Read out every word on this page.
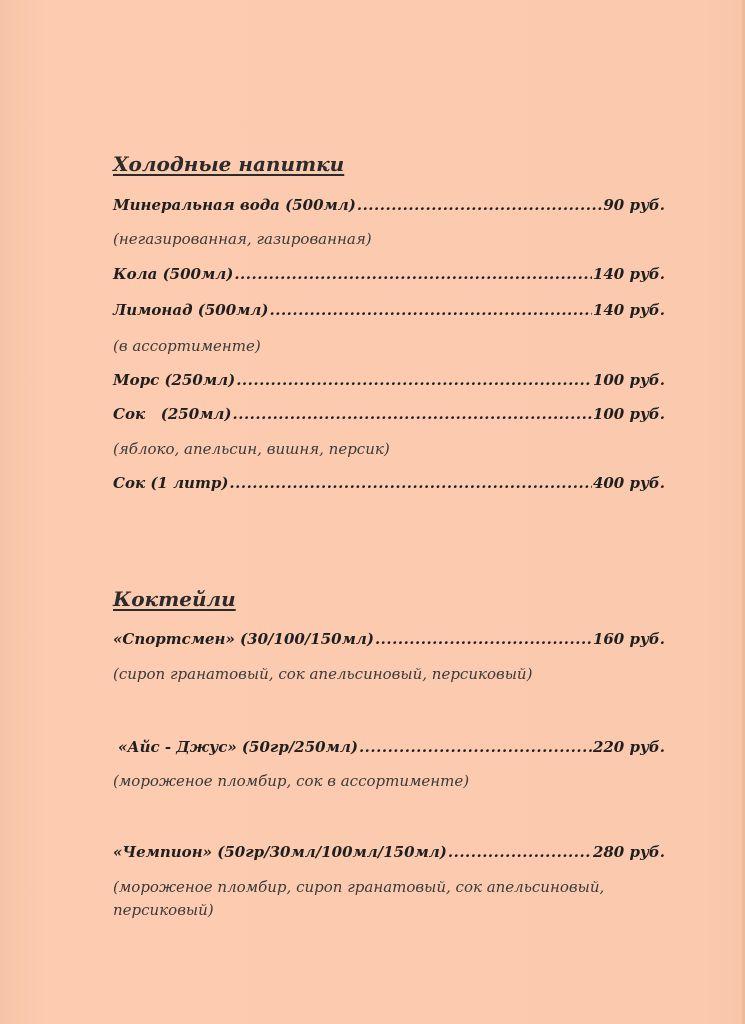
Холодные напитки
Минеральная вода (500мл) .....	90 руб.
(негазированная, газированная)
Кола (500мл) .....	140 руб.
Лимонад (500мл) .....	140 руб.
(в ассортименте)
Морс (250мл) .....	100 руб.
Сок   (250мл) .....	100 руб.
(яблоко, апельсин, вишня, персик)
Сок (1 литр) .....	400 руб.
Коктейли
«Спортсмен» (30/100/150мл) .....	160 руб.
(сироп гранатовый, сок апельсиновый, персиковый)
«Айс - Джус» (50гр/250мл) .....	220 руб.
(мороженое пломбир, сок в ассортименте)
«Чемпион» (50гр/30мл/100мл/150мл) .....	280 руб.
(мороженое пломбир, сироп гранатовый, сок апельсиновый,
персиковый)
